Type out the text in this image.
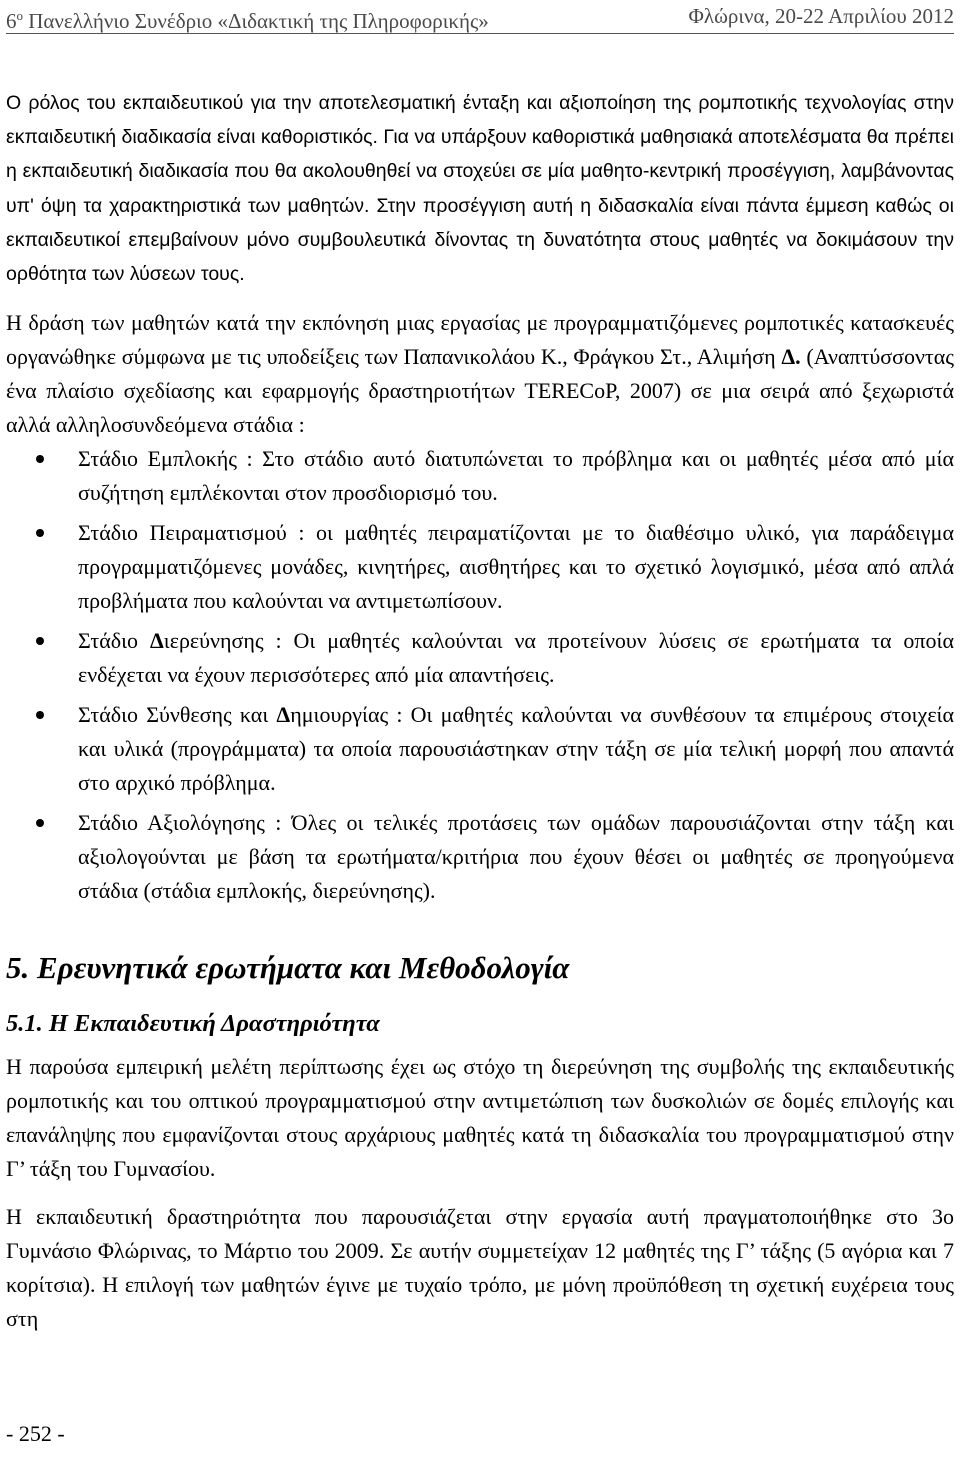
$6^o$ Πανελλήνιο Συνέδριο «Διδακτική της Πληροφορικής»	Φλώρινα, 20-22 Απριλίου 2012

Ο ρόλος του εκπαιδευτικού για την αποτελεσματική ένταξη και αξιοποίηση της ρομποτικής τεχνολογίας στην εκπαιδευτική διαδικασία είναι καθοριστικός. Για να υπάρξουν καθοριστικά μαθησιακά αποτελέσματα θα πρέπει η εκπαιδευτική διαδικασία που θα ακολουθηθεί να στοχεύει σε μία μαθητο-κεντρική προσέγγιση, λαμβάνοντας υπ' όψη τα χαρακτηριστικά των μαθητών. Στην προσέγγιση αυτή η διδασκαλία είναι πάντα έμμεση καθώς οι εκπαιδευτικοί επεμβαίνουν μόνο συμβουλευτικά δίνοντας τη δυνατότητα στους μαθητές να δοκιμάσουν την ορθότητα των λύσεων τους.

Η δράση των μαθητών κατά την εκπόνηση μιας εργασίας με προγραμματιζόμενες ρομποτικές κατασκευές οργανώθηκε σύμφωνα με τις υποδείξεις των Παπανικολάου Κ., Φράγκου Στ., Αλιμήση Δ. (Αναπτύσσοντας ένα πλαίσιο σχεδίασης και εφαρμογής δραστηριοτήτων TERECoP, 2007) σε μια σειρά από ξεχωριστά αλλά αλληλοσυνδεόμενα στάδια :

Στάδιο Εμπλοκής : Στο στάδιο αυτό διατυπώνεται το πρόβλημα και οι μαθητές μέσα από μία συζήτηση εμπλέκονται στον προσδιορισμό του.
Στάδιο Πειραματισμού : οι μαθητές πειραματίζονται με το διαθέσιμο υλικό, για παράδειγμα προγραμματιζόμενες μονάδες, κινητήρες, αισθητήρες και το σχετικό λογισμικό, μέσα από απλά προβλήματα που καλούνται να αντιμετωπίσουν.
Στάδιο Διερεύνησης : Οι μαθητές καλούνται να προτείνουν λύσεις σε ερωτήματα τα οποία ενδέχεται να έχουν περισσότερες από μία απαντήσεις.
Στάδιο Σύνθεσης και Δημιουργίας : Οι μαθητές καλούνται να συνθέσουν τα επιμέρους στοιχεία και υλικά (προγράμματα) τα οποία παρουσιάστηκαν στην τάξη σε μία τελική μορφή που απαντά στο αρχικό πρόβλημα.
Στάδιο Αξιολόγησης : Όλες οι τελικές προτάσεις των ομάδων παρουσιάζονται στην τάξη και αξιολογούνται με βάση τα ερωτήματα/κριτήρια που έχουν θέσει οι μαθητές σε προηγούμενα στάδια (στάδια εμπλοκής, διερεύνησης).
5. Ερευνητικά ερωτήματα και Μεθοδολογία
5.1. Η Εκπαιδευτική Δραστηριότητα

Η παρούσα εμπειρική μελέτη περίπτωσης έχει ως στόχο τη διερεύνηση της συμβολής της εκπαιδευτικής ρομποτικής και του οπτικού προγραμματισμού στην αντιμετώπιση των δυσκολιών σε δομές επιλογής και επανάληψης που εμφανίζονται στους αρχάριους μαθητές κατά τη διδασκαλία του προγραμματισμού στην Γ’ τάξη του Γυμνασίου.

Η εκπαιδευτική δραστηριότητα που παρουσιάζεται στην εργασία αυτή πραγματοποιήθηκε στο 3ο Γυμνάσιο Φλώρινας, το Μάρτιο του 2009. Σε αυτήν συμμετείχαν 12 μαθητές της Γ’ τάξης (5 αγόρια και 7 κορίτσια). Η επιλογή των μαθητών έγινε με τυχαίο τρόπο, με μόνη προϋπόθεση τη σχετική ευχέρεια τους στη

- 252 -
